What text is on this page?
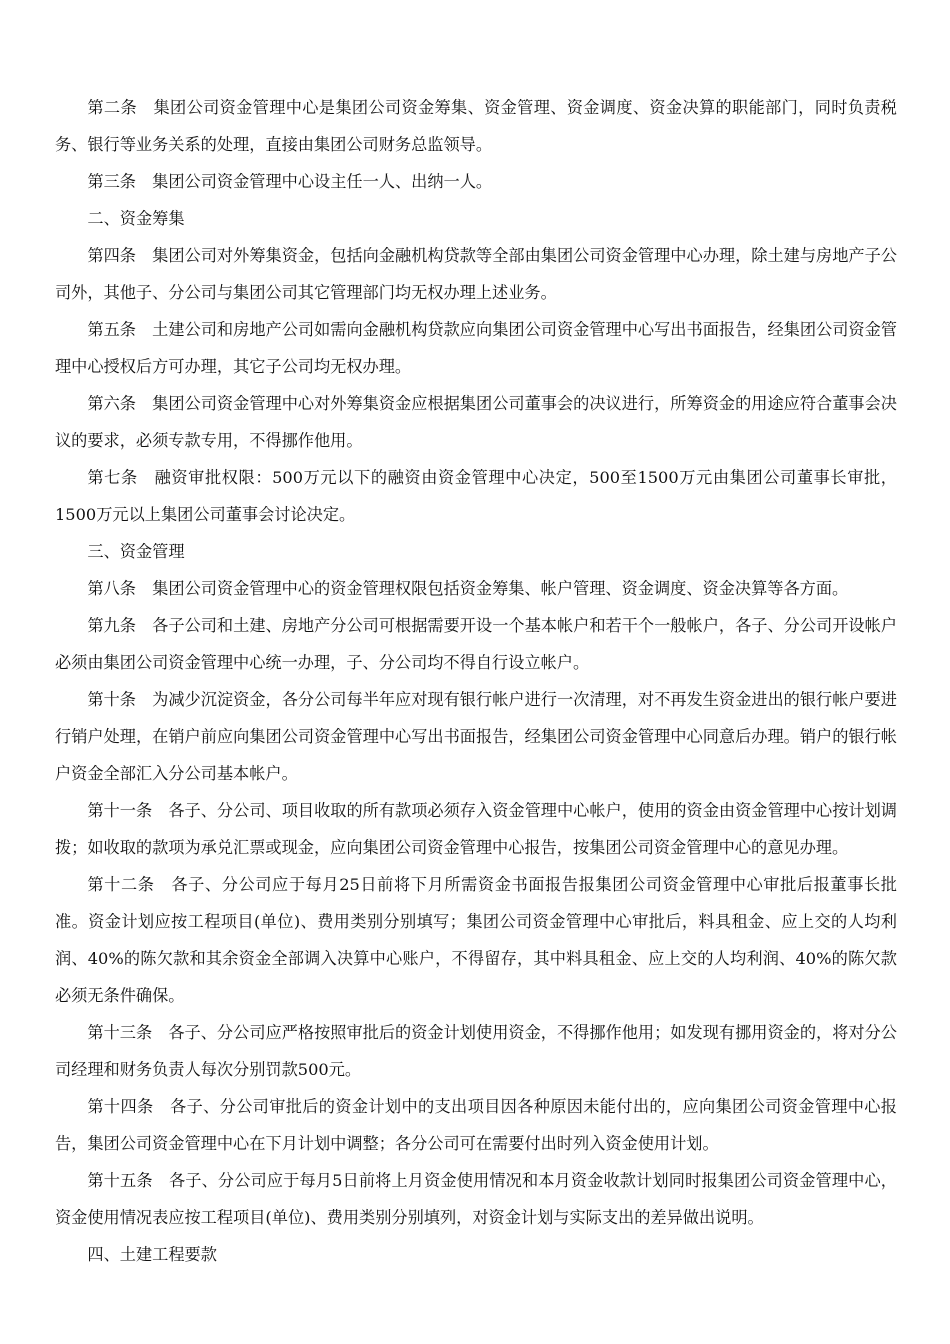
第二条　集团公司资金管理中心是集团公司资金筹集、资金管理、资金调度、资金决算的职能部门，同时负责税务、银行等业务关系的处理，直接由集团公司财务总监领导。

第三条　集团公司资金管理中心设主任一人、出纳一人。

二、资金筹集

第四条　集团公司对外筹集资金，包括向金融机构贷款等全部由集团公司资金管理中心办理，除土建与房地产子公司外，其他子、分公司与集团公司其它管理部门均无权办理上述业务。

第五条　土建公司和房地产公司如需向金融机构贷款应向集团公司资金管理中心写出书面报告，经集团公司资金管理中心授权后方可办理，其它子公司均无权办理。

第六条　集团公司资金管理中心对外筹集资金应根据集团公司董事会的决议进行，所筹资金的用途应符合董事会决议的要求，必须专款专用，不得挪作他用。

第七条　融资审批权限：500万元以下的融资由资金管理中心决定，500至1500万元由集团公司董事长审批，1500万元以上集团公司董事会讨论决定。

三、资金管理

第八条　集团公司资金管理中心的资金管理权限包括资金筹集、帐户管理、资金调度、资金决算等各方面。

第九条　各子公司和土建、房地产分公司可根据需要开设一个基本帐户和若干个一般帐户，各子、分公司开设帐户必须由集团公司资金管理中心统一办理，子、分公司均不得自行设立帐户。

第十条　为减少沉淀资金，各分公司每半年应对现有银行帐户进行一次清理，对不再发生资金进出的银行帐户要进行销户处理，在销户前应向集团公司资金管理中心写出书面报告，经集团公司资金管理中心同意后办理。销户的银行帐户资金全部汇入分公司基本帐户。

第十一条　各子、分公司、项目收取的所有款项必须存入资金管理中心帐户，使用的资金由资金管理中心按计划调拨；如收取的款项为承兑汇票或现金，应向集团公司资金管理中心报告，按集团公司资金管理中心的意见办理。

第十二条　各子、分公司应于每月25日前将下月所需资金书面报告报集团公司资金管理中心审批后报董事长批准。资金计划应按工程项目(单位)、费用类别分别填写；集团公司资金管理中心审批后，料具租金、应上交的人均利润、40%的陈欠款和其余资金全部调入决算中心账户，不得留存，其中料具租金、应上交的人均利润、40%的陈欠款必须无条件确保。

第十三条　各子、分公司应严格按照审批后的资金计划使用资金，不得挪作他用；如发现有挪用资金的，将对分公司经理和财务负责人每次分别罚款500元。

第十四条　各子、分公司审批后的资金计划中的支出项目因各种原因未能付出的，应向集团公司资金管理中心报告，集团公司资金管理中心在下月计划中调整；各分公司可在需要付出时列入资金使用计划。

第十五条　各子、分公司应于每月5日前将上月资金使用情况和本月资金收款计划同时报集团公司资金管理中心，资金使用情况表应按工程项目(单位)、费用类别分别填列，对资金计划与实际支出的差异做出说明。

四、土建工程要款
